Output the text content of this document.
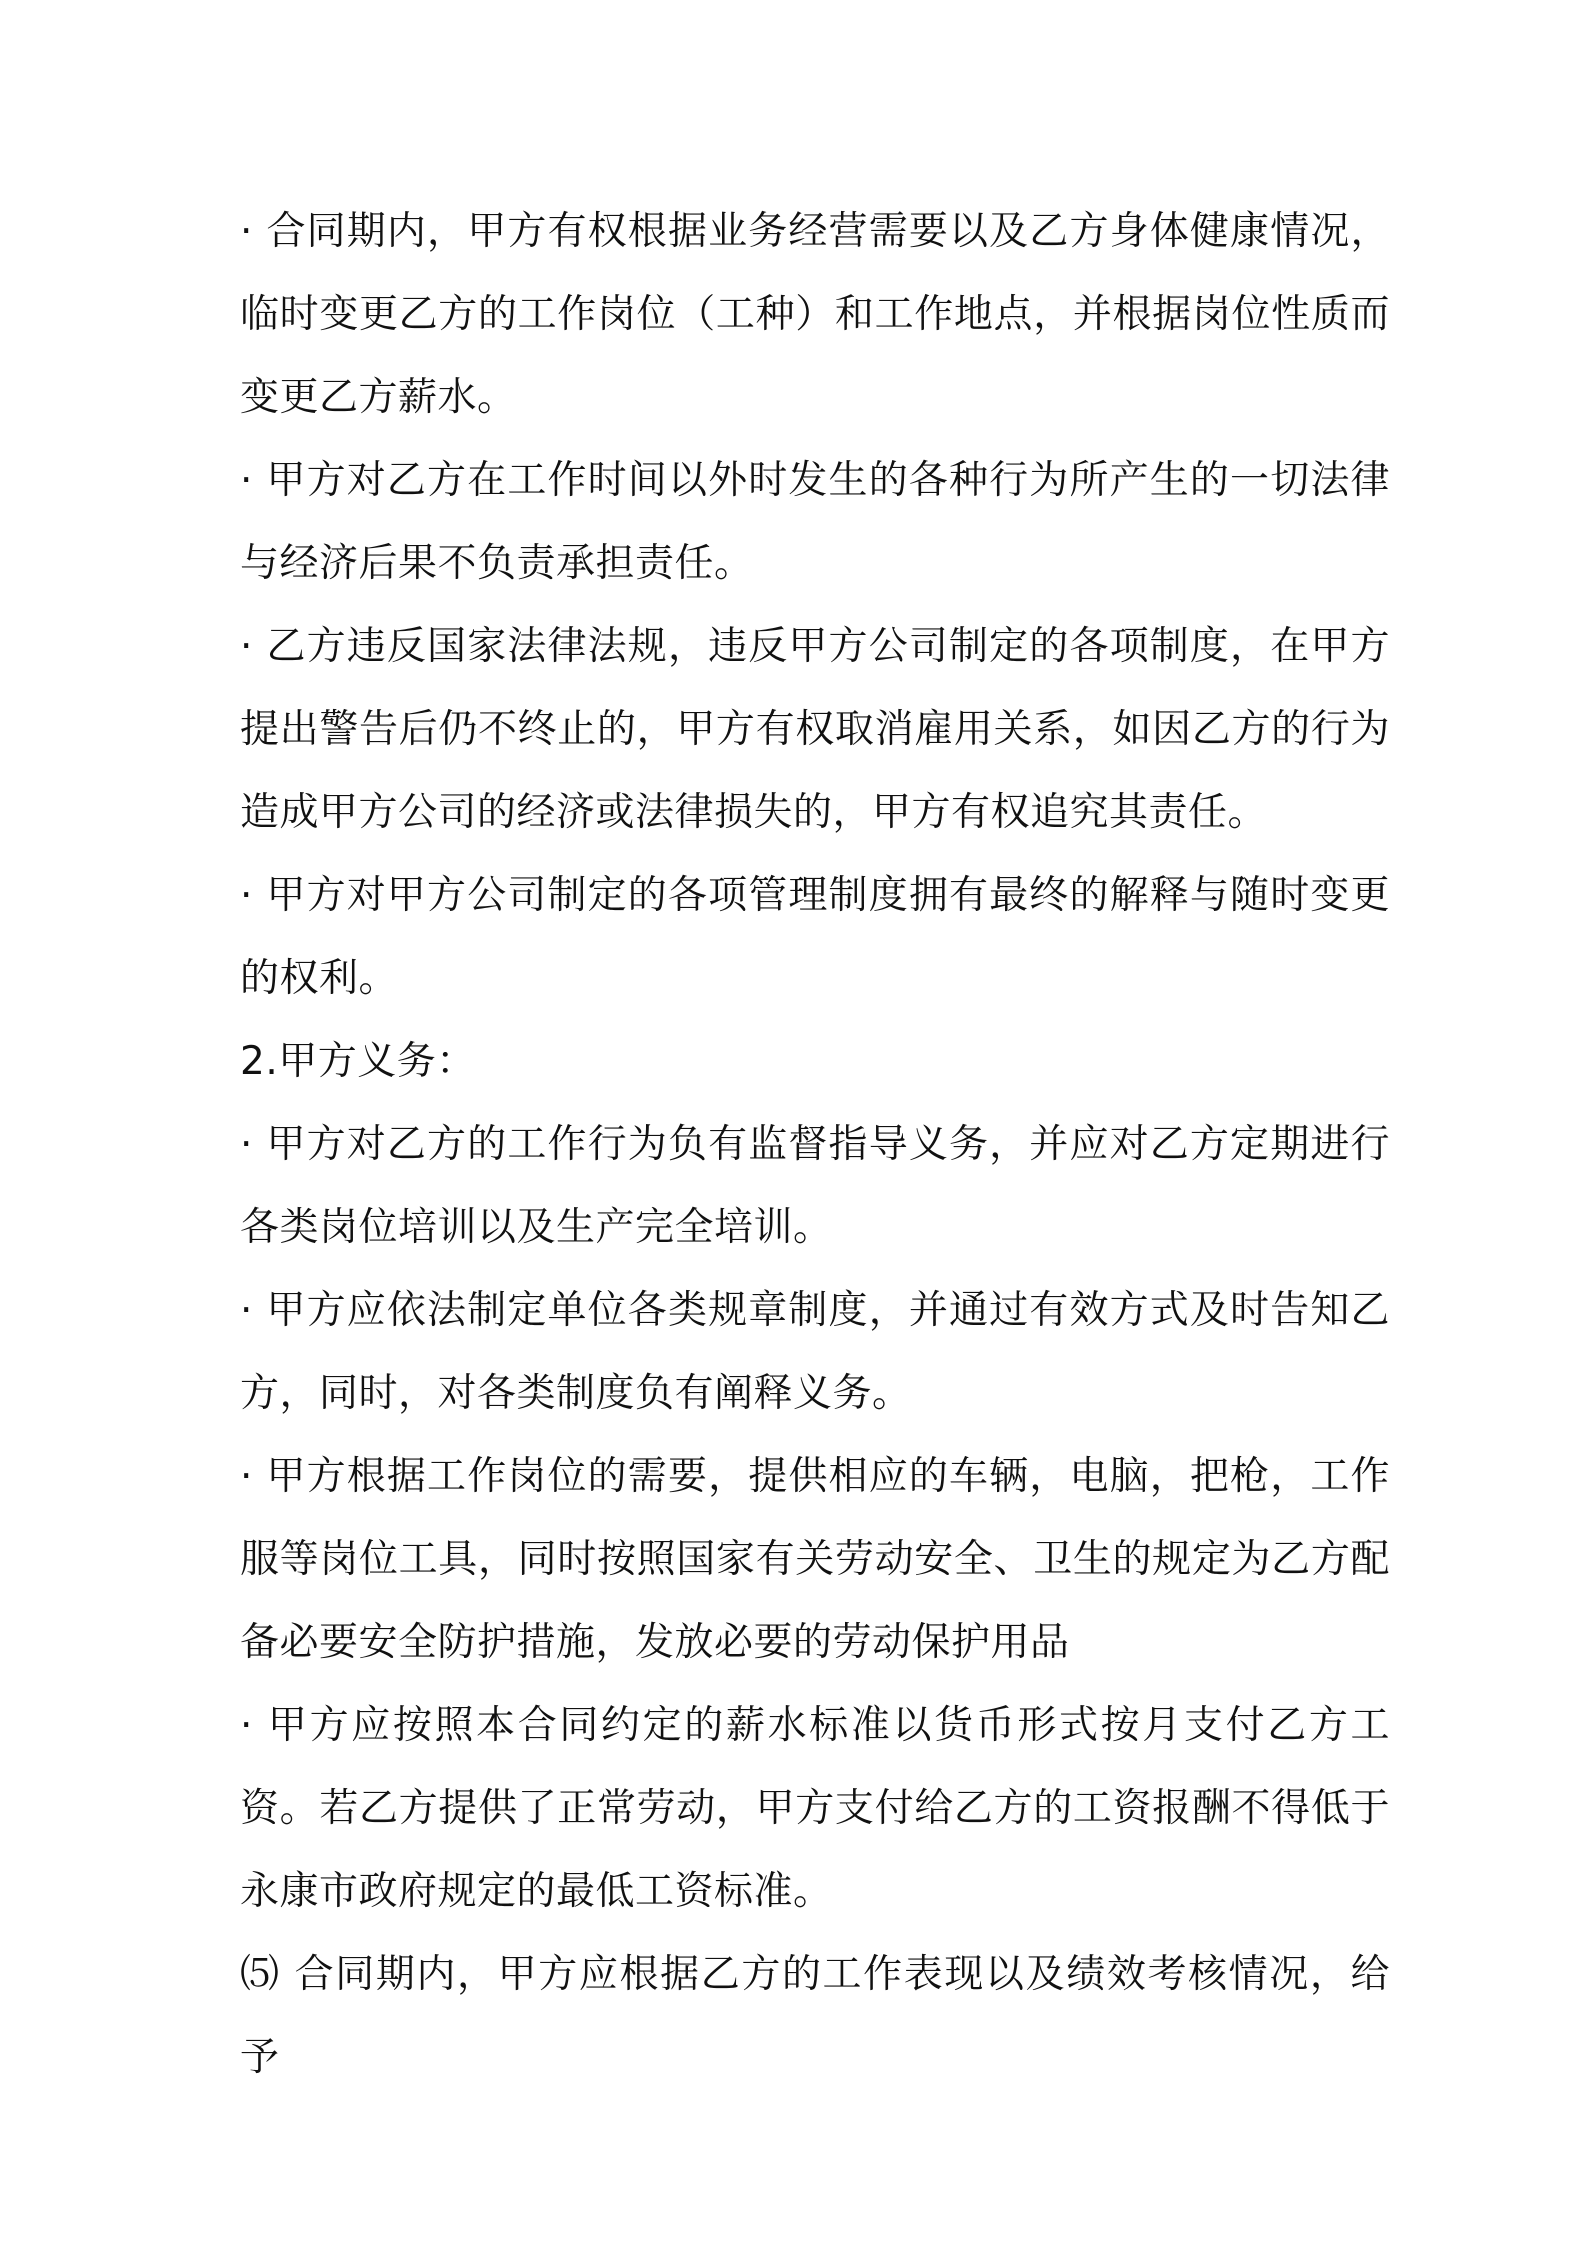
· 合同期内，甲方有权根据业务经营需要以及乙方身体健康情况，临时变更乙方的工作岗位（工种）和工作地点，并根据岗位性质而变更乙方薪水。

· 甲方对乙方在工作时间以外时发生的各种行为所产生的一切法律与经济后果不负责承担责任。

· 乙方违反国家法律法规，违反甲方公司制定的各项制度，在甲方提出警告后仍不终止的，甲方有权取消雇用关系，如因乙方的行为造成甲方公司的经济或法律损失的，甲方有权追究其责任。

· 甲方对甲方公司制定的各项管理制度拥有最终的解释与随时变更的权利。

2.甲方义务：

· 甲方对乙方的工作行为负有监督指导义务，并应对乙方定期进行各类岗位培训以及生产完全培训。

· 甲方应依法制定单位各类规章制度，并通过有效方式及时告知乙方，同时，对各类制度负有阐释义务。

· 甲方根据工作岗位的需要，提供相应的车辆，电脑，把枪，工作服等岗位工具，同时按照国家有关劳动安全、卫生的规定为乙方配备必要安全防护措施，发放必要的劳动保护用品

· 甲方应按照本合同约定的薪水标准以货币形式按月支付乙方工资。若乙方提供了正常劳动，甲方支付给乙方的工资报酬不得低于永康市政府规定的最低工资标准。

⑸ 合同期内，甲方应根据乙方的工作表现以及绩效考核情况，给予
